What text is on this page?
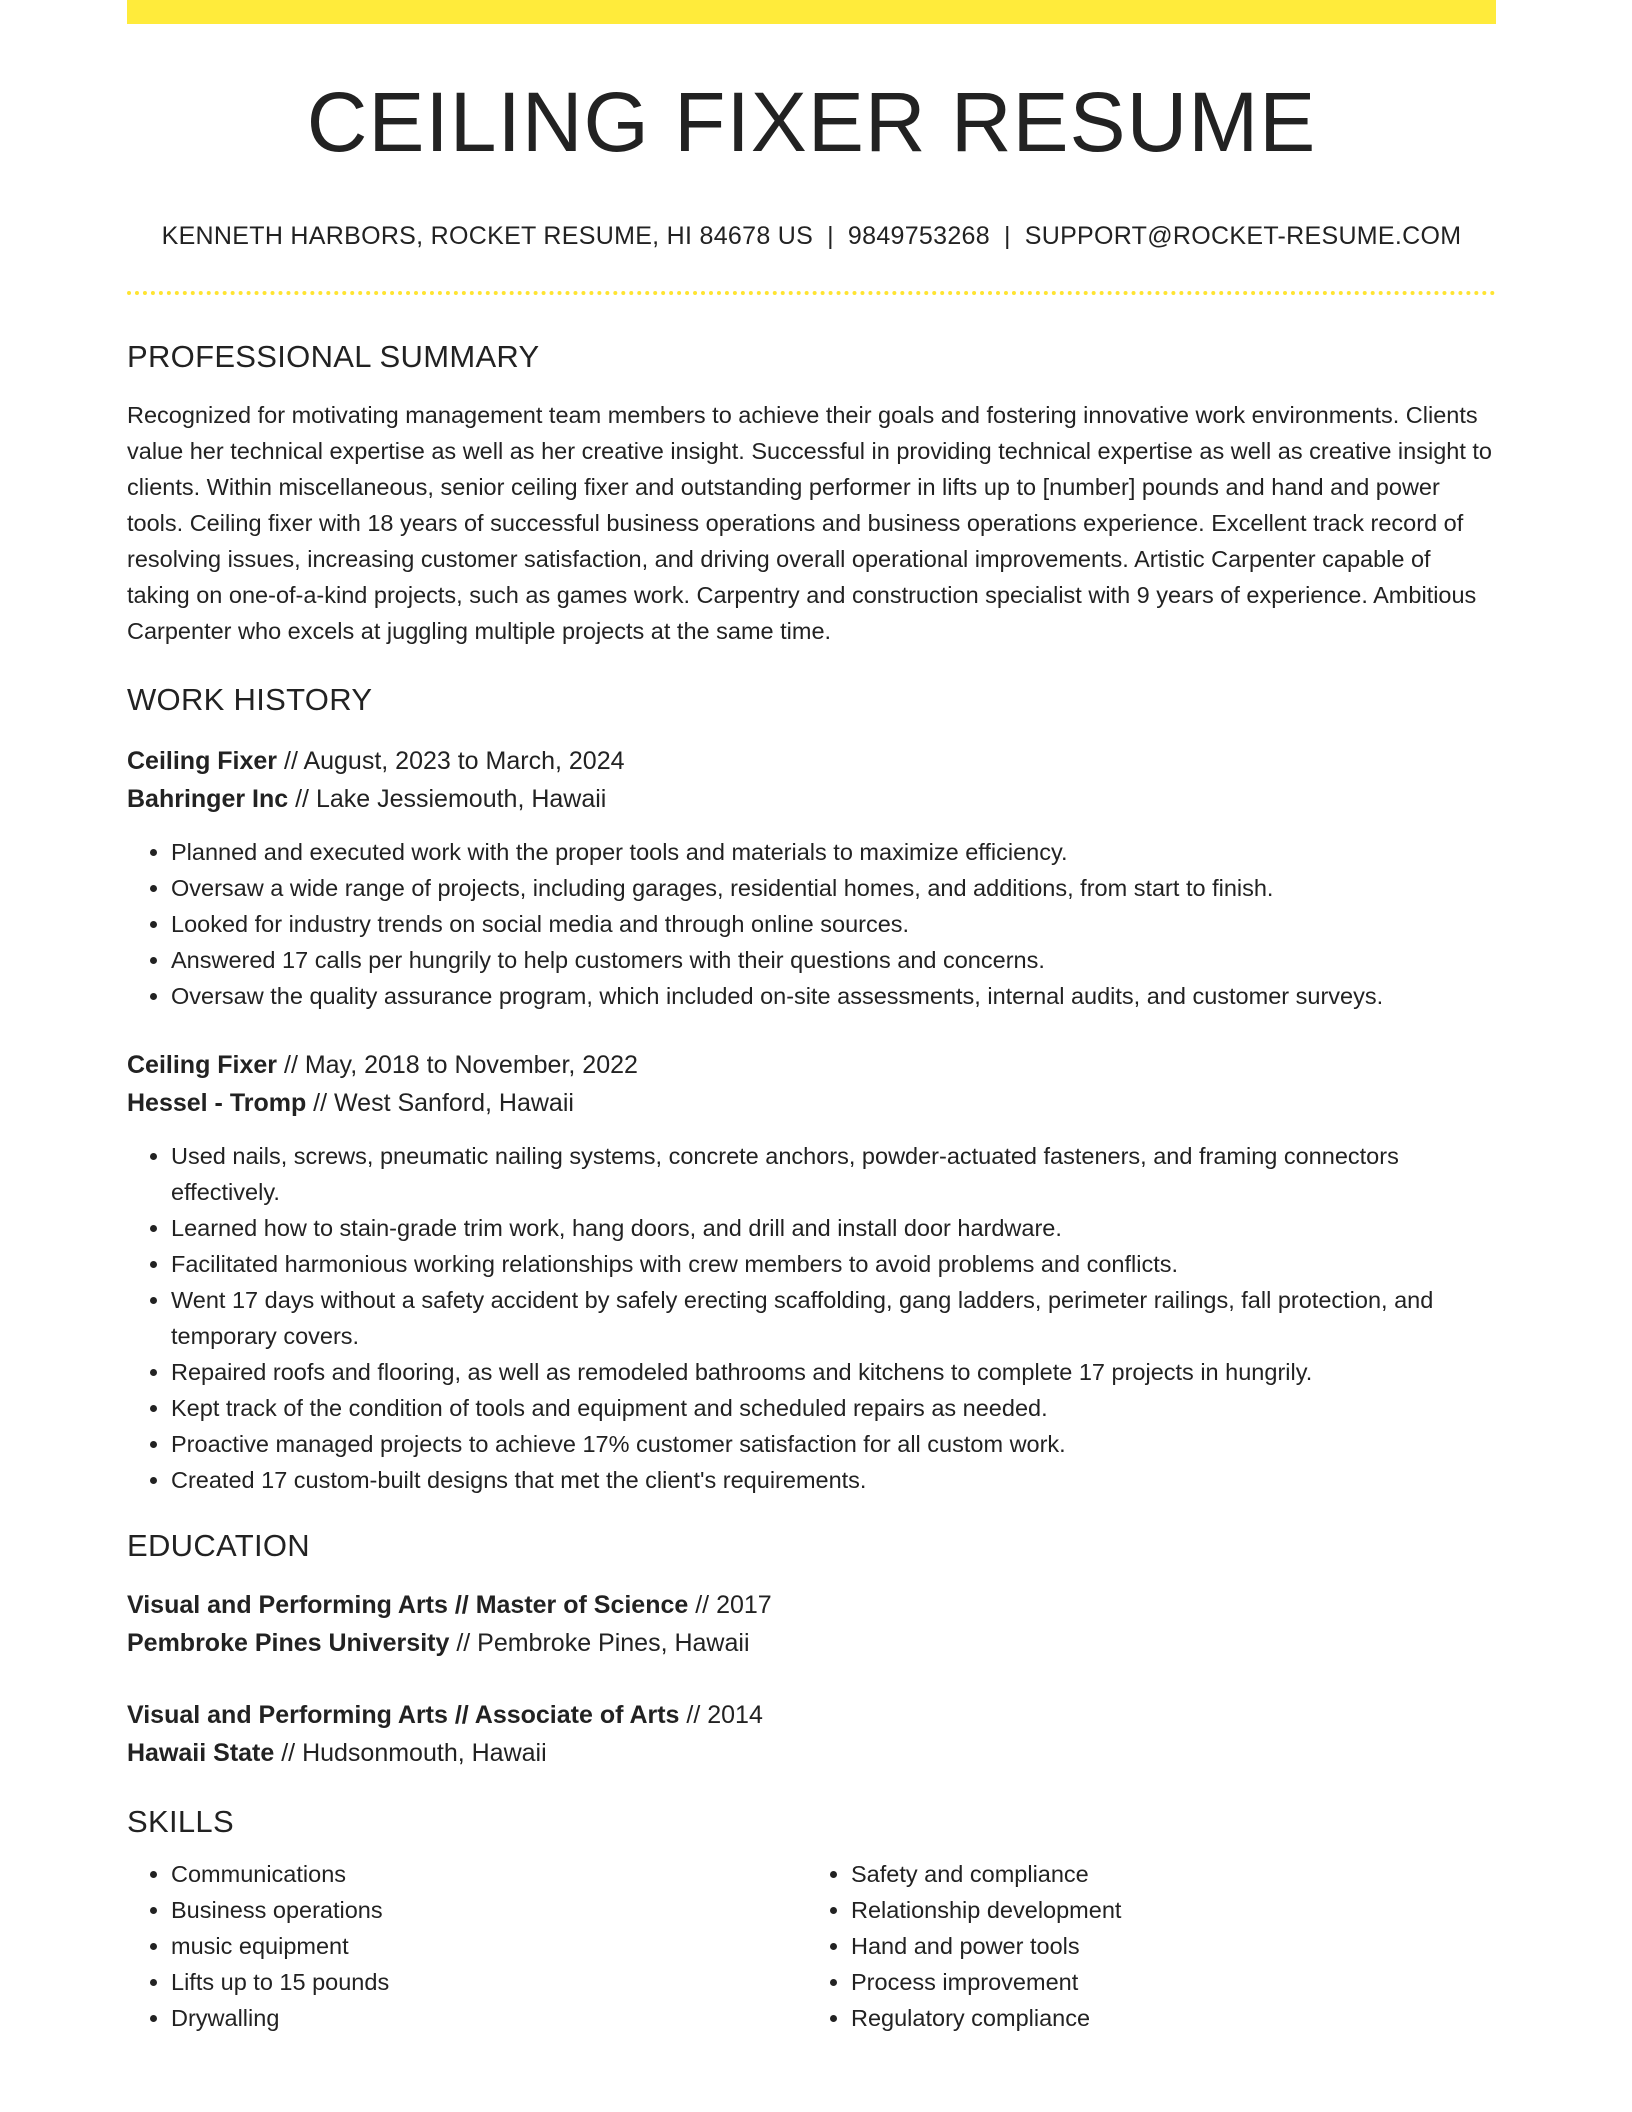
CEILING FIXER RESUME
KENNETH HARBORS, ROCKET RESUME, HI 84678 US | 9849753268 | SUPPORT@ROCKET-RESUME.COM
PROFESSIONAL SUMMARY

Recognized for motivating management team members to achieve their goals and fostering innovative work environments. Clients value her technical expertise as well as her creative insight. Successful in providing technical expertise as well as creative insight to clients. Within miscellaneous, senior ceiling fixer and outstanding performer in lifts up to [number] pounds and hand and power tools. Ceiling fixer with 18 years of successful business operations and business operations experience. Excellent track record of resolving issues, increasing customer satisfaction, and driving overall operational improvements. Artistic Carpenter capable of taking on one-of-a-kind projects, such as games work. Carpentry and construction specialist with 9 years of experience. Ambitious Carpenter who excels at juggling multiple projects at the same time.

WORK HISTORY
Ceiling Fixer // August, 2023 to March, 2024
Bahringer Inc // Lake Jessiemouth, Hawaii
• Planned and executed work with the proper tools and materials to maximize efficiency.
• Oversaw a wide range of projects, including garages, residential homes, and additions, from start to finish.
• Looked for industry trends on social media and through online sources.
• Answered 17 calls per hungrily to help customers with their questions and concerns.
• Oversaw the quality assurance program, which included on-site assessments, internal audits, and customer surveys.
Ceiling Fixer // May, 2018 to November, 2022
Hessel - Tromp // West Sanford, Hawaii
• Used nails, screws, pneumatic nailing systems, concrete anchors, powder-actuated fasteners, and framing connectors effectively.
• Learned how to stain-grade trim work, hang doors, and drill and install door hardware.
• Facilitated harmonious working relationships with crew members to avoid problems and conflicts.
• Went 17 days without a safety accident by safely erecting scaffolding, gang ladders, perimeter railings, fall protection, and temporary covers.
• Repaired roofs and flooring, as well as remodeled bathrooms and kitchens to complete 17 projects in hungrily.
• Kept track of the condition of tools and equipment and scheduled repairs as needed.
• Proactive managed projects to achieve 17% customer satisfaction for all custom work.
• Created 17 custom-built designs that met the client's requirements.
EDUCATION
Visual and Performing Arts // Master of Science // 2017
Pembroke Pines University // Pembroke Pines, Hawaii
Visual and Performing Arts // Associate of Arts // 2014
Hawaii State // Hudsonmouth, Hawaii
SKILLS
• Communications
• Business operations
• music equipment
• Lifts up to 15 pounds
• Drywalling
• Safety and compliance
• Relationship development
• Hand and power tools
• Process improvement
• Regulatory compliance
